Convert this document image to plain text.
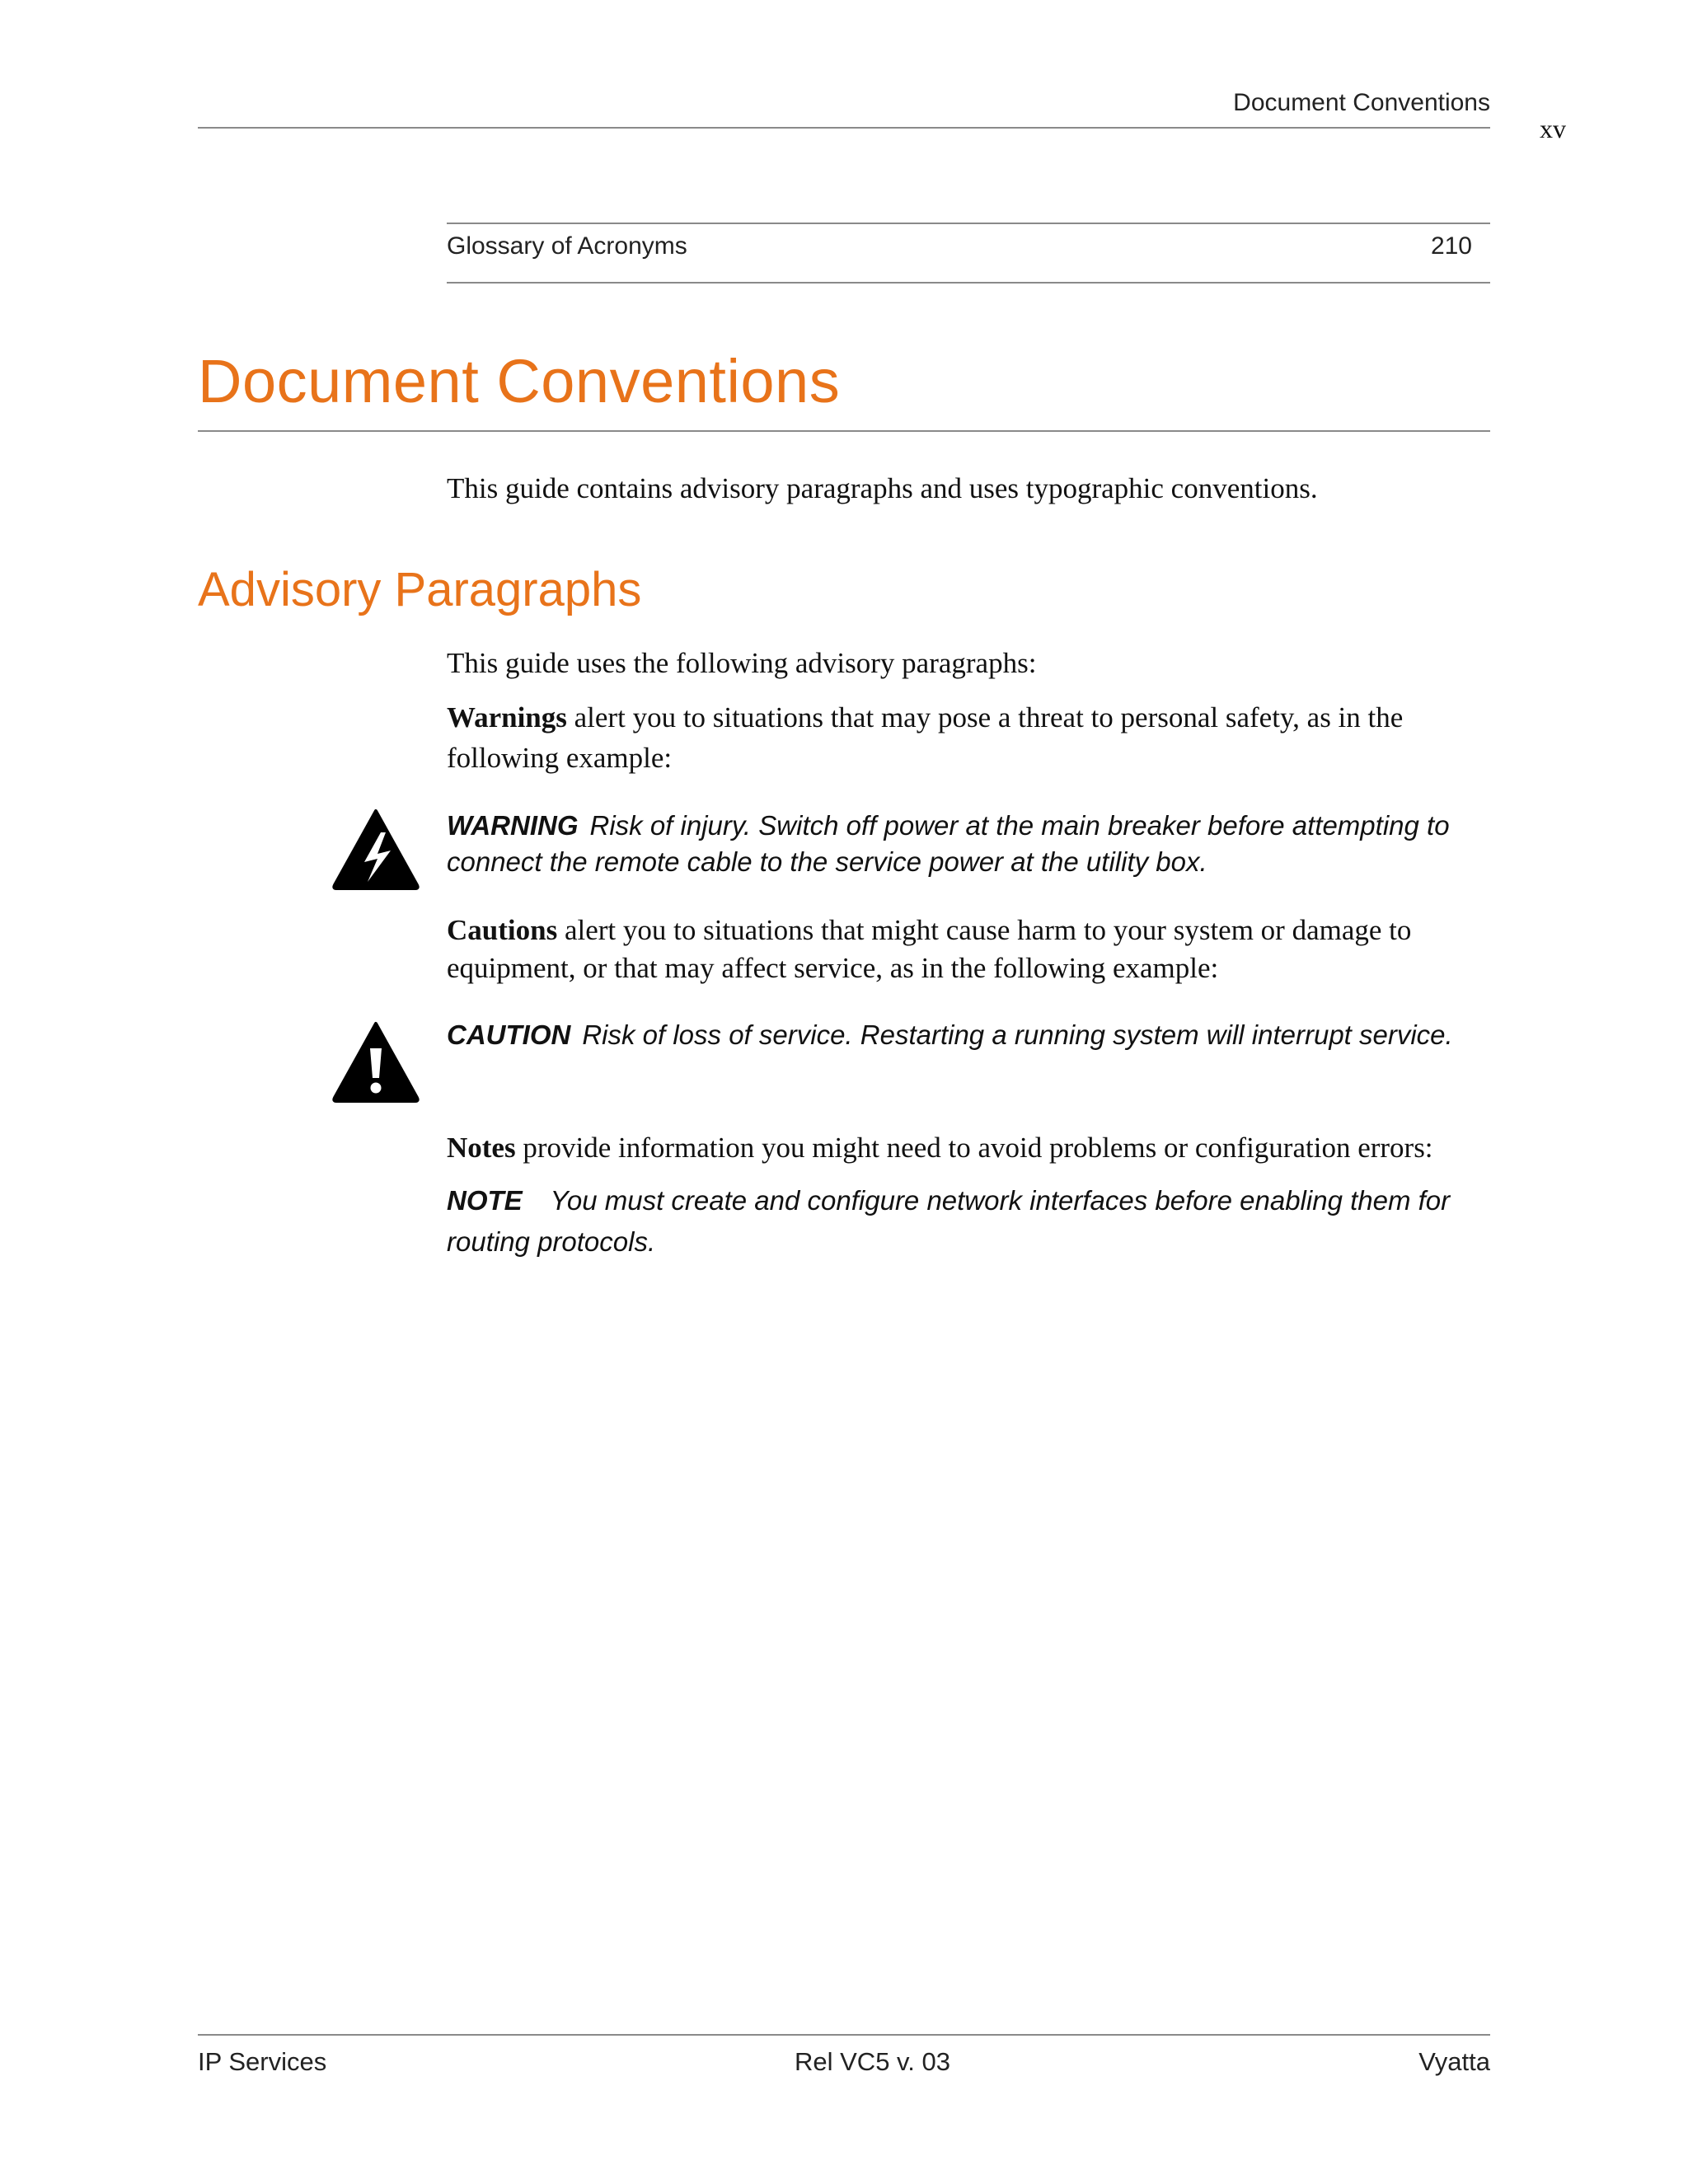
Document Conventions
xv
Glossary of Acronyms	210
Document Conventions
This guide contains advisory paragraphs and uses typographic conventions.
Advisory Paragraphs
This guide uses the following advisory paragraphs:
Warnings alert you to situations that may pose a threat to personal safety, as in the following example:
WARNING Risk of injury. Switch off power at the main breaker before attempting to connect the remote cable to the service power at the utility box.
Cautions alert you to situations that might cause harm to your system or damage to equipment, or that may affect service, as in the following example:
CAUTION Risk of loss of service. Restarting a running system will interrupt service.
Notes provide information you might need to avoid problems or configuration errors:
NOTE You must create and configure network interfaces before enabling them for routing protocols.
IP Services	Rel VC5 v. 03	Vyatta
